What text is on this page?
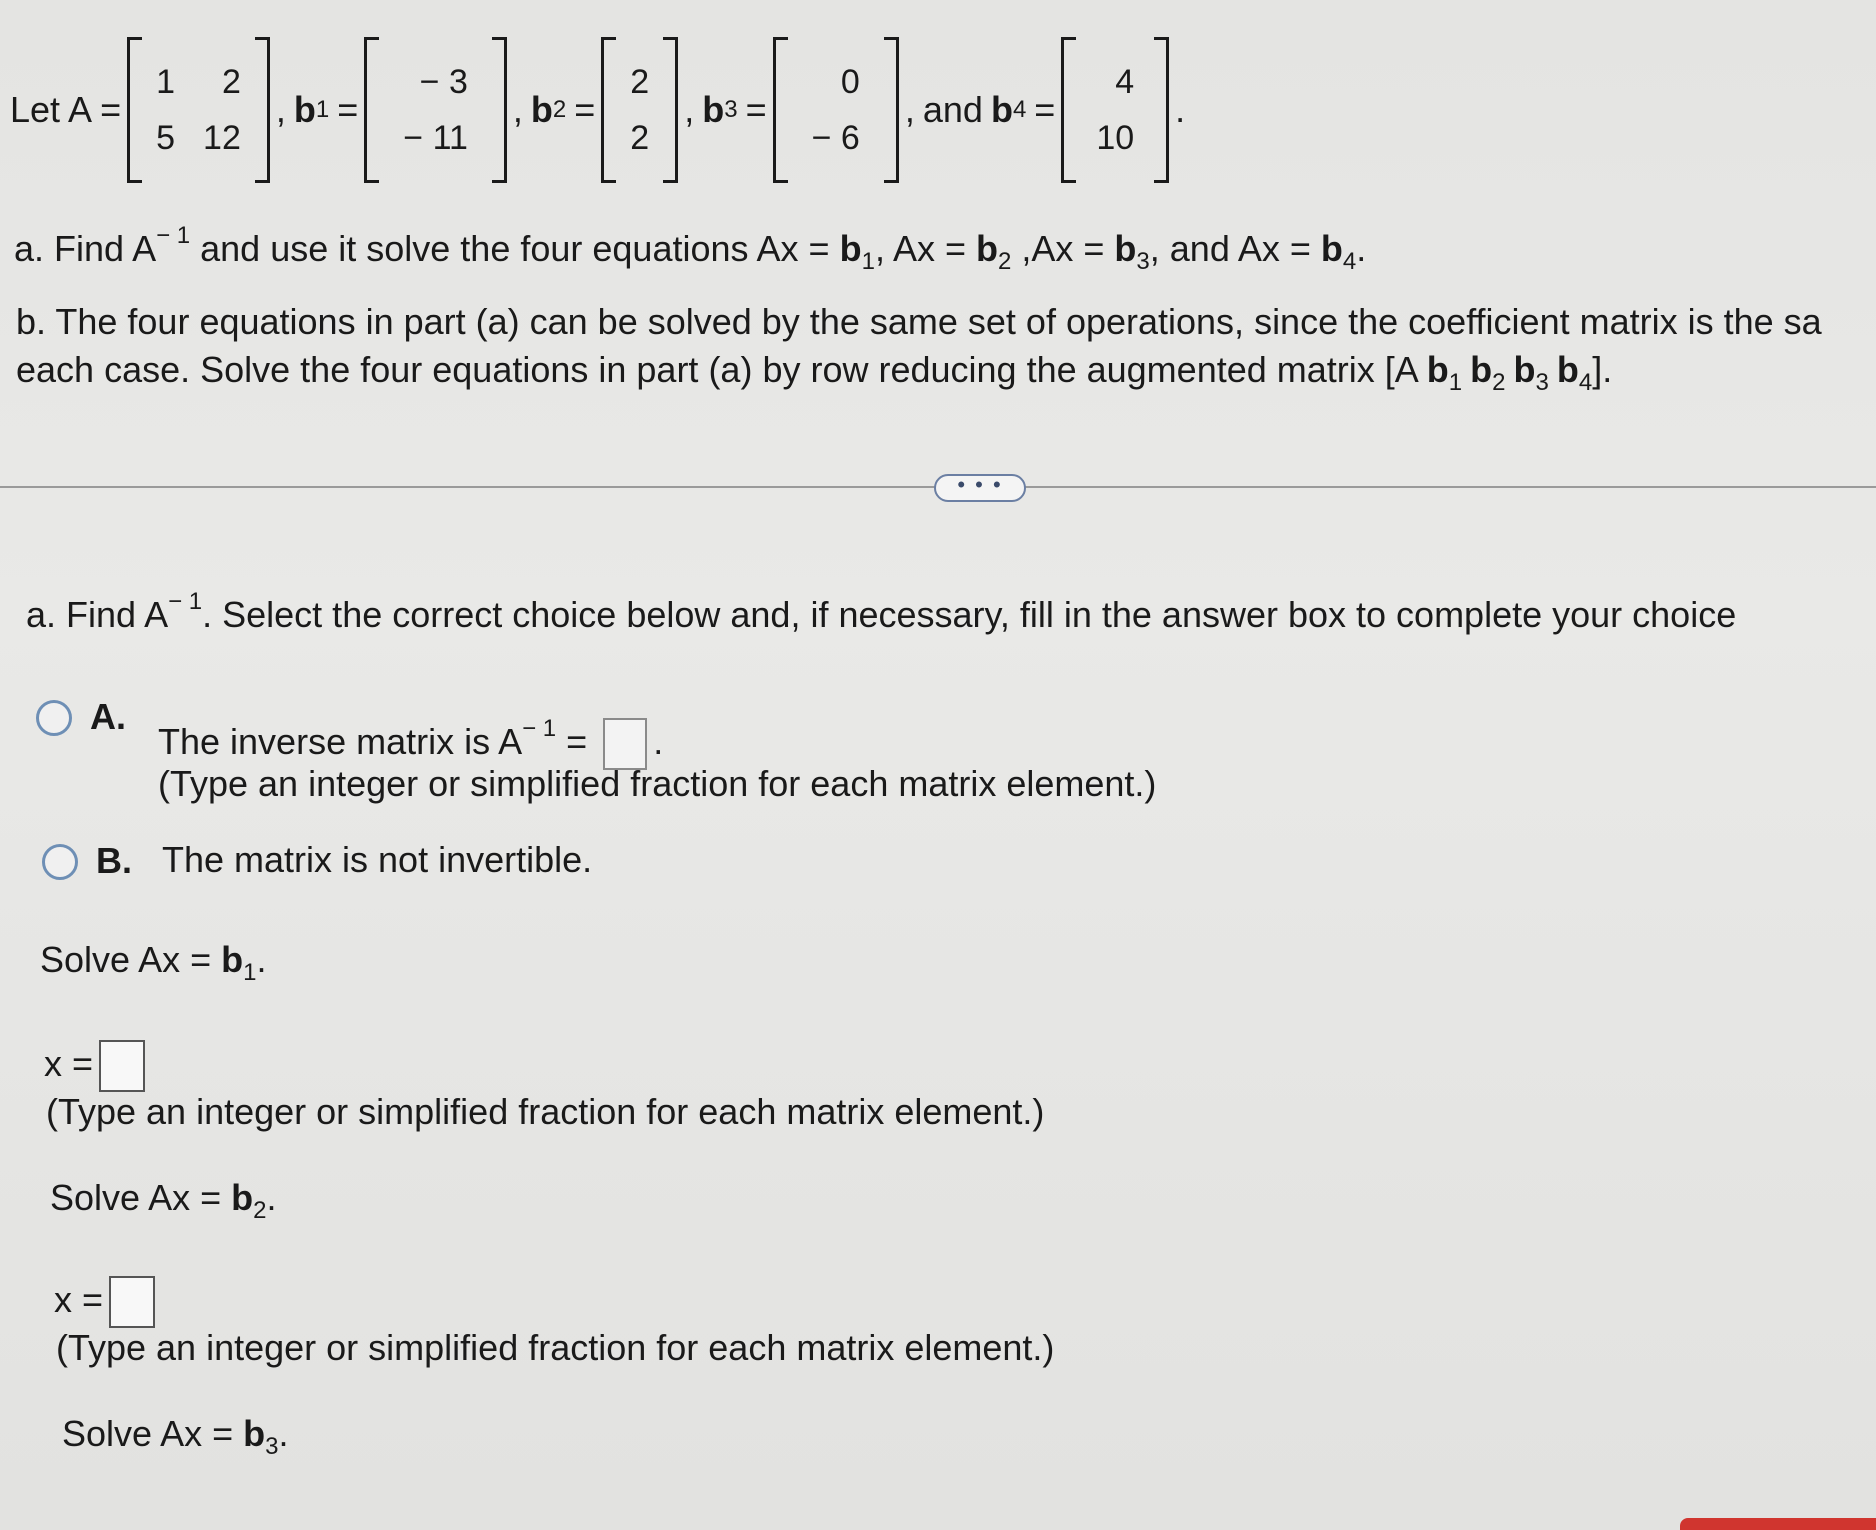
Let A =
1	2
5 12
, b 1 =
− 3
− 11
, b 2 =
2
2
, b 3 =
0
− 6
, and b 4 =
4
10
.
a. Find $A^{- 1}$ and use it solve the four equations $Ax = b_1$, $Ax = b_2$ $,Ax = b_3$, and $Ax = b_4$.
b. The four equations in part (a) can be solved by the same set of operations, since the coefficient matrix is the sa
each case. Solve the four equations in part (a) by row reducing the augmented matrix [A $b_1$ $b_2$ $b_3$ $b_4$].
• • •
a. Find $A^{- 1}$. Select the correct choice below and, if necessary, fill in the answer box to complete your choice
A.
The inverse matrix is $A^{- 1}$ = .
(Type an integer or simplified fraction for each matrix element.)
B. The matrix is not invertible.
Solve $Ax = b_1$.
x =
(Type an integer or simplified fraction for each matrix element.)
Solve $Ax = b_2$.
x =
(Type an integer or simplified fraction for each matrix element.)
Solve $Ax = b_3$.
